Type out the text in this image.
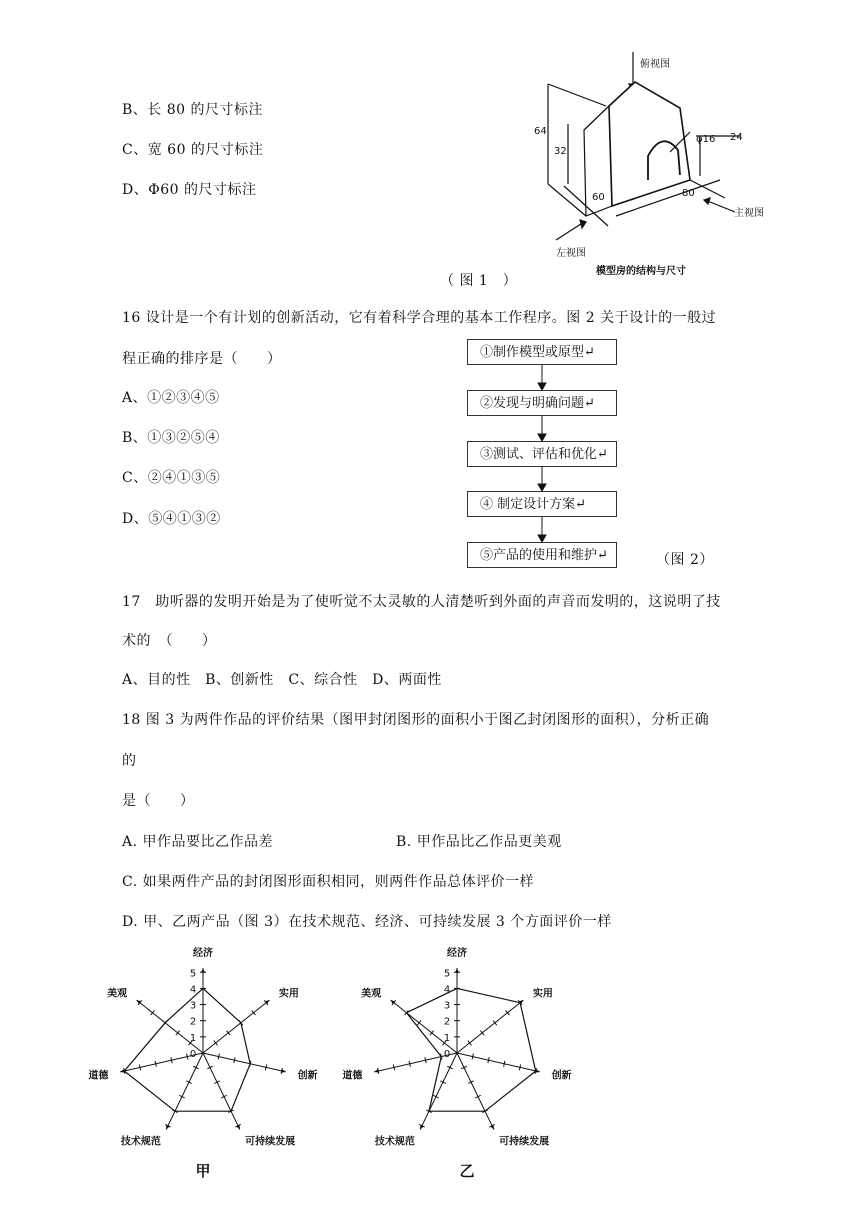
B、长 80 的尺寸标注
C、宽 60 的尺寸标注
D、Φ60 的尺寸标注
俯视图
左视图
主视图
模型房的结构与尺寸
64
32
φ16 24
60	80
（ 图 1　）
16 设计是一个有计划的创新活动，它有着科学合理的基本工作程序。图 2 关于设计的一般过
程正确的排序是（　　）
A、①②③④⑤
B、①③②⑤④
C、②④①③⑤
D、⑤④①③②
①制作模型或原型↵
②发现与明确问题↵
③测试、评估和优化↵
④ 制定设计方案↵
⑤产品的使用和维护↵	（图 2）
17　助听器的发明开始是为了使听觉不太灵敏的人清楚听到外面的声音而发明的，这说明了技
术的　（　　）
A、目的性　B、创新性　C、综合性　D、两面性
18 图 3 为两件作品的评价结果（图甲封闭图形的面积小于图乙封闭图形的面积），分析正确
的
是（　　）
A. 甲作品要比乙作品差	B. 甲作品比乙作品更美观
C. 如果两件产品的封闭图形面积相同，则两件作品总体评价一样
D. 甲、乙两产品（图 3）在技术规范、经济、可持续发展 3 个方面评价一样
经济
实用
创新
可持续发展
技术规范
道德
美观
0
1
2
3
4
5
甲
经济
实用
创新
可持续发展
技术规范
道德
美观
0
1
2
3
4
5
乙
